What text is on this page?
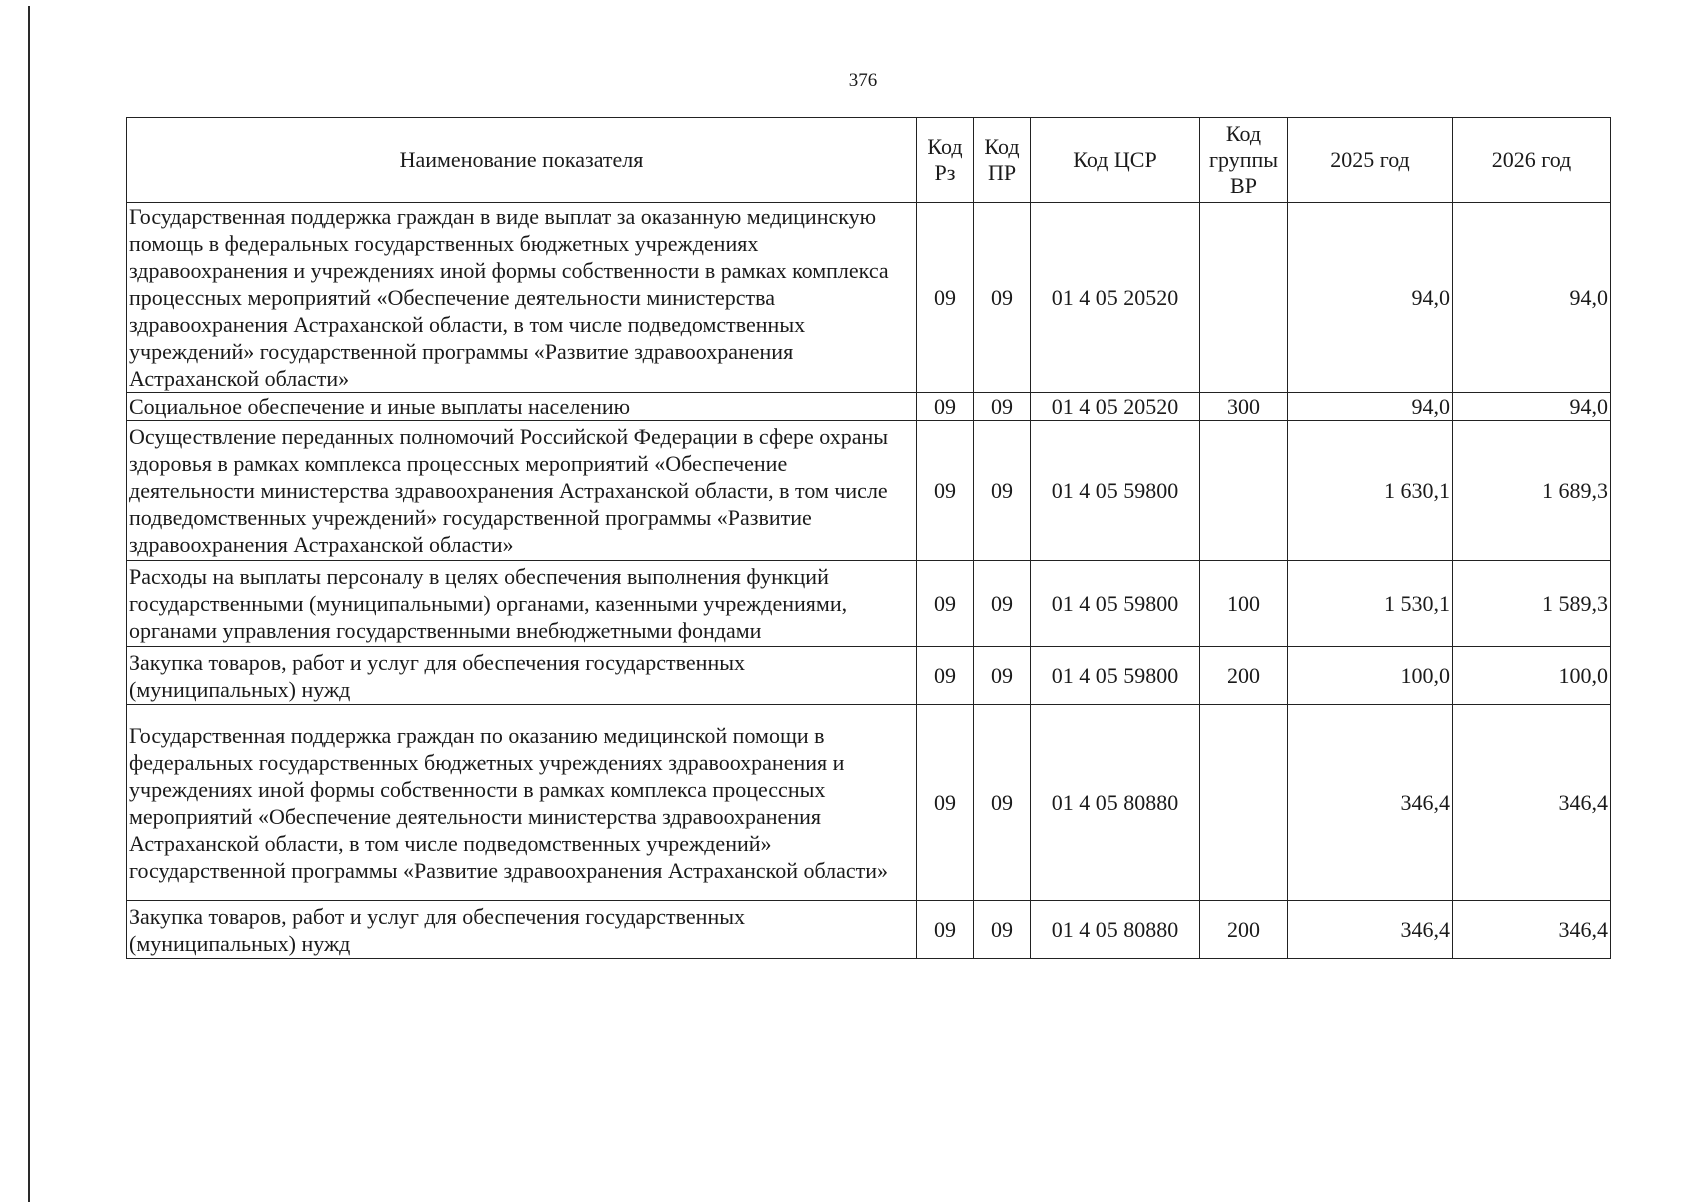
376
Наименование показателя	Код Рз	Код ПР	Код ЦСР	Код группы ВР	2025 год	2026 год
Государственная поддержка граждан в виде выплат за оказанную медицинскую помощь в федеральных государственных бюджетных учреждениях здравоохранения и учреждениях иной формы собственности в рамках комплекса процессных мероприятий «Обеспечение деятельности министерства здравоохранения Астраханской области, в том числе подведомственных учреждений» государственной программы «Развитие здравоохранения Астраханской области»	09	09	01 4 05 20520		94,0	94,0
Социальное обеспечение и иные выплаты населению	09	09	01 4 05 20520	300	94,0	94,0
Осуществление переданных полномочий Российской Федерации в сфере охраны здоровья в рамках комплекса процессных мероприятий «Обеспечение деятельности министерства здравоохранения Астраханской области, в том числе подведомственных учреждений» государственной программы «Развитие здравоохранения Астраханской области»	09	09	01 4 05 59800		1 630,1	1 689,3
Расходы на выплаты персоналу в целях обеспечения выполнения функций государственными (муниципальными) органами, казенными учреждениями, органами управления государственными внебюджетными фондами	09	09	01 4 05 59800	100	1 530,1	1 589,3
Закупка товаров, работ и услуг для обеспечения государственных (муниципальных) нужд	09	09	01 4 05 59800	200	100,0	100,0
Государственная поддержка граждан по оказанию медицинской помощи в федеральных государственных бюджетных учреждениях здравоохранения и учреждениях иной формы собственности в рамках комплекса процессных мероприятий «Обеспечение деятельности министерства здравоохранения Астраханской области, в том числе подведомственных учреждений» государственной программы «Развитие здравоохранения Астраханской области»	09	09	01 4 05 80880		346,4	346,4
Закупка товаров, работ и услуг для обеспечения государственных (муниципальных) нужд	09	09	01 4 05 80880	200	346,4	346,4
